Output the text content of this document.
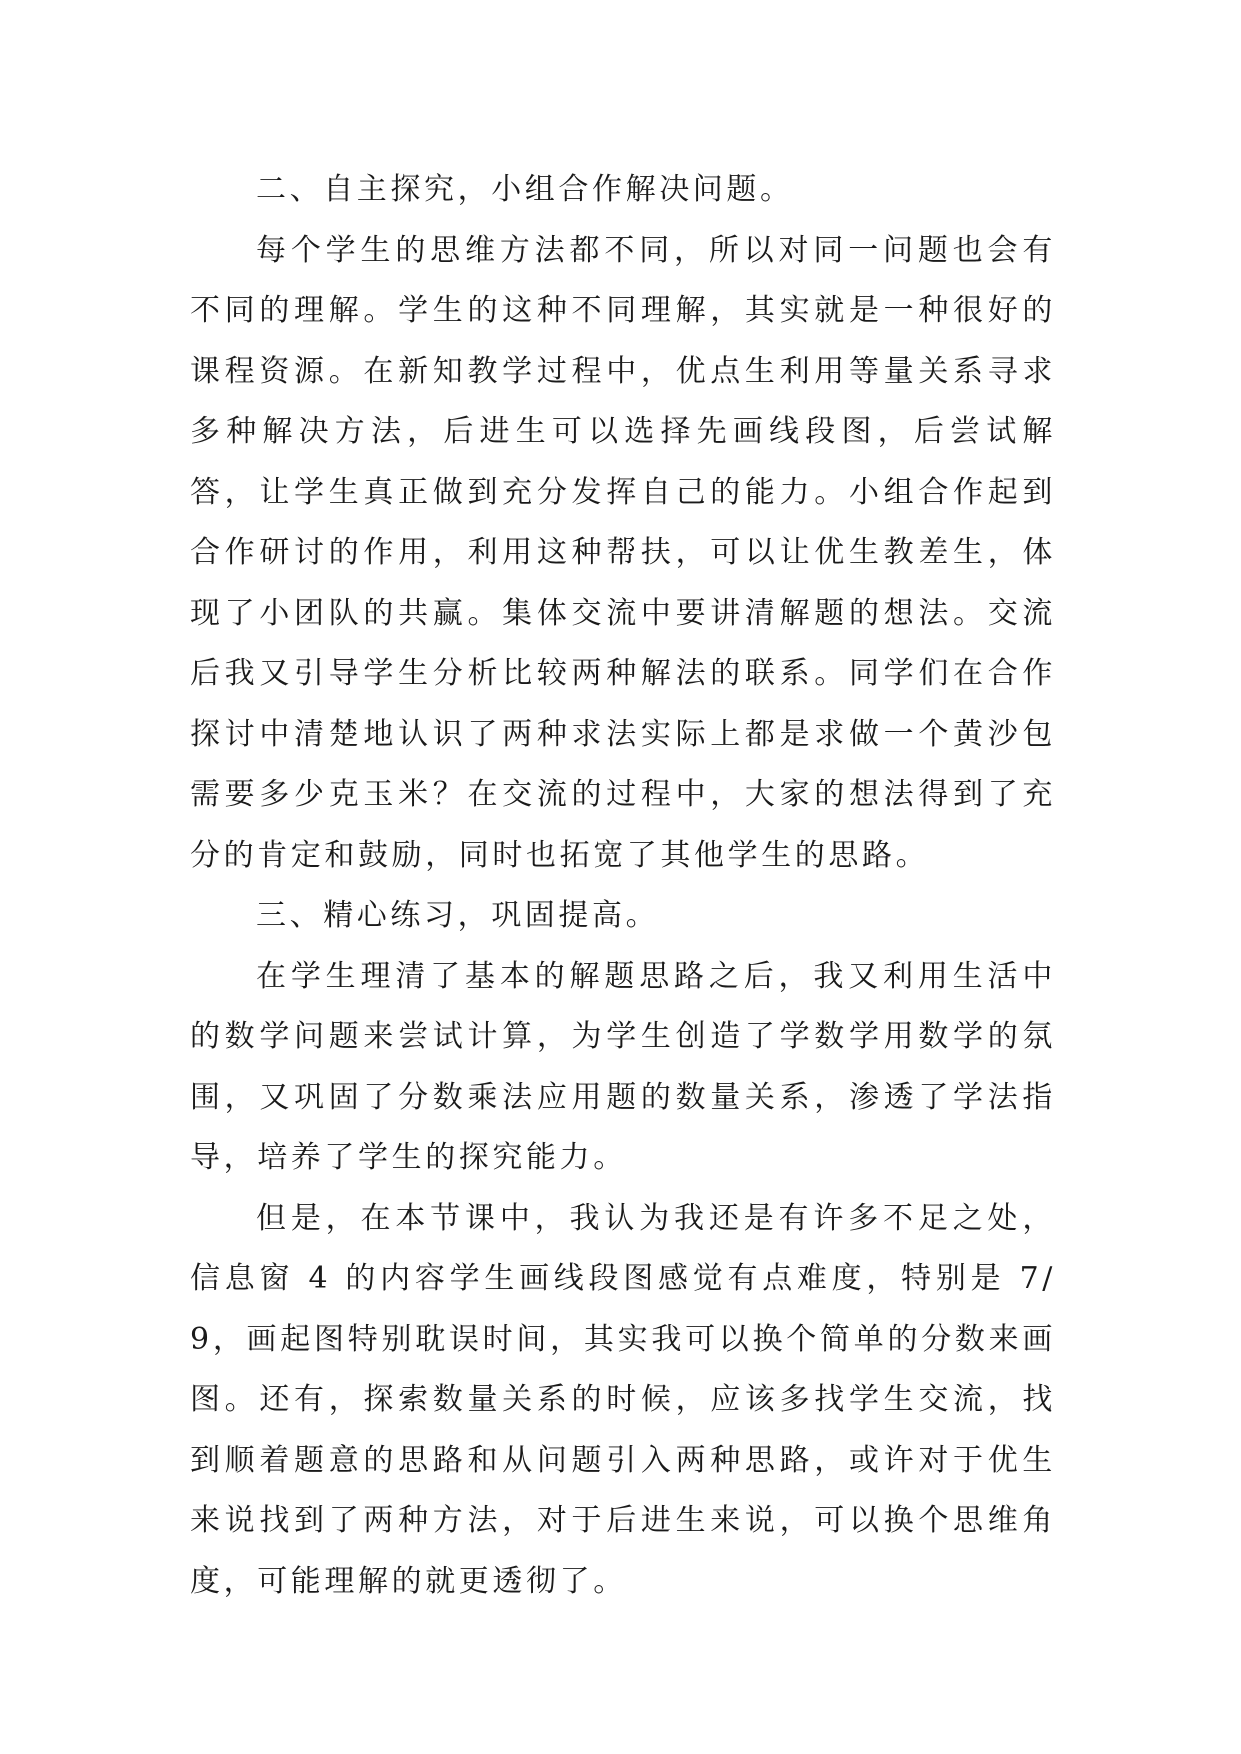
二、自主探究，小组合作解决问题。

每个学生的思维方法都不同，所以对同一问题也会有不同的理解。学生的这种不同理解，其实就是一种很好的课程资源。在新知教学过程中，优点生利用等量关系寻求多种解决方法，后进生可以选择先画线段图，后尝试解答，让学生真正做到充分发挥自己的能力。小组合作起到合作研讨的作用，利用这种帮扶，可以让优生教差生，体现了小团队的共赢。集体交流中要讲清解题的想法。交流后我又引导学生分析比较两种解法的联系。同学们在合作探讨中清楚地认识了两种求法实际上都是求做一个黄沙包需要多少克玉米？在交流的过程中，大家的想法得到了充分的肯定和鼓励，同时也拓宽了其他学生的思路。

三、精心练习，巩固提高。

在学生理清了基本的解题思路之后，我又利用生活中的数学问题来尝试计算，为学生创造了学数学用数学的氛围，又巩固了分数乘法应用题的数量关系，渗透了学法指导，培养了学生的探究能力。

但是，在本节课中，我认为我还是有许多不足之处，信息窗 4 的内容学生画线段图感觉有点难度，特别是 7/9，画起图特别耽误时间，其实我可以换个简单的分数来画图。还有，探索数量关系的时候，应该多找学生交流，找到顺着题意的思路和从问题引入两种思路，或许对于优生来说找到了两种方法，对于后进生来说，可以换个思维角度，可能理解的就更透彻了。
